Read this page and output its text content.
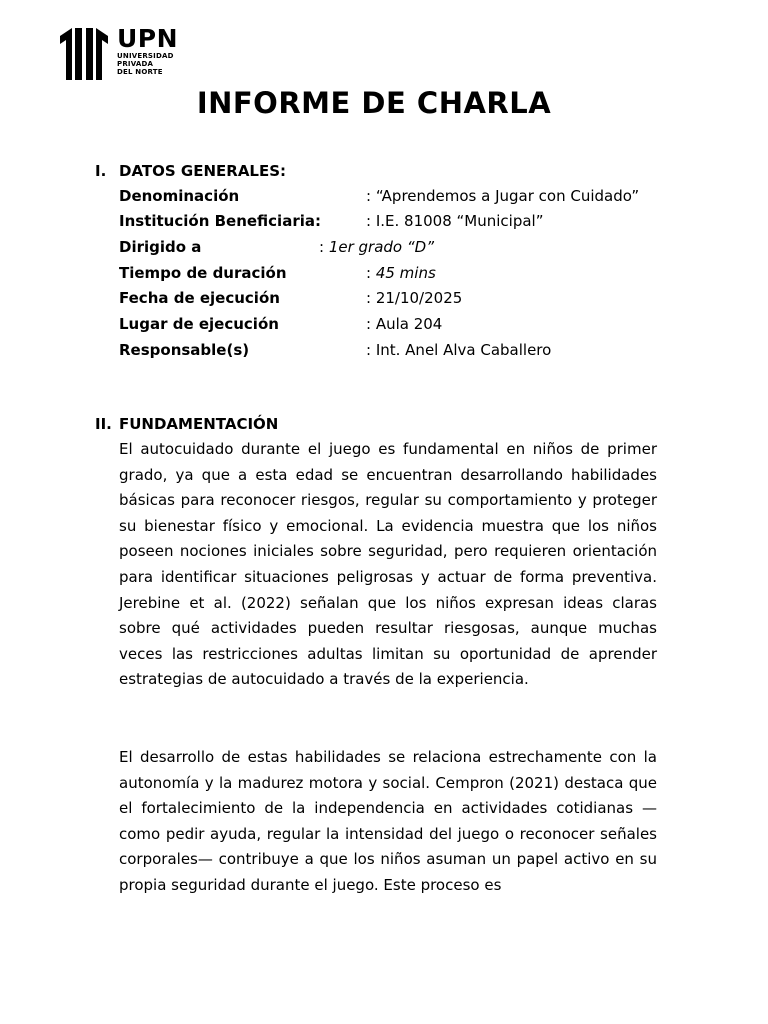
UPN
UNIVERSIDAD
PRIVADA
DEL NORTE
INFORME DE CHARLA
I. DATOS GENERALES:
Denominación	: “Aprendemos a Jugar con Cuidado”
Institución Beneficiaria:	: I.E. 81008 “Municipal”
Dirigido a	: 1er grado “D”
Tiempo de duración	: 45 mins
Fecha de ejecución	: 21/10/2025
Lugar de ejecución	: Aula 204
Responsable(s)	: Int. Anel Alva Caballero
II. FUNDAMENTACIÓN

El autocuidado durante el juego es fundamental en niños de primer grado, ya que a esta edad se encuentran desarrollando habilidades básicas para reconocer riesgos, regular su comportamiento y proteger su bienestar físico y emocional. La evidencia muestra que los niños poseen nociones iniciales sobre seguridad, pero requieren orientación para identificar situaciones peligrosas y actuar de forma preventiva. Jerebine et al. (2022) señalan que los niños expresan ideas claras sobre qué actividades pueden resultar riesgosas, aunque muchas veces las restricciones adultas limitan su oportunidad de aprender estrategias de autocuidado a través de la experiencia.

El desarrollo de estas habilidades se relaciona estrechamente con la autonomía y la madurez motora y social. Cempron (2021) destaca que el fortalecimiento de la independencia en actividades cotidianas —como pedir ayuda, regular la intensidad del juego o reconocer señales corporales— contribuye a que los niños asuman un papel activo en su propia seguridad durante el juego. Este proceso es
